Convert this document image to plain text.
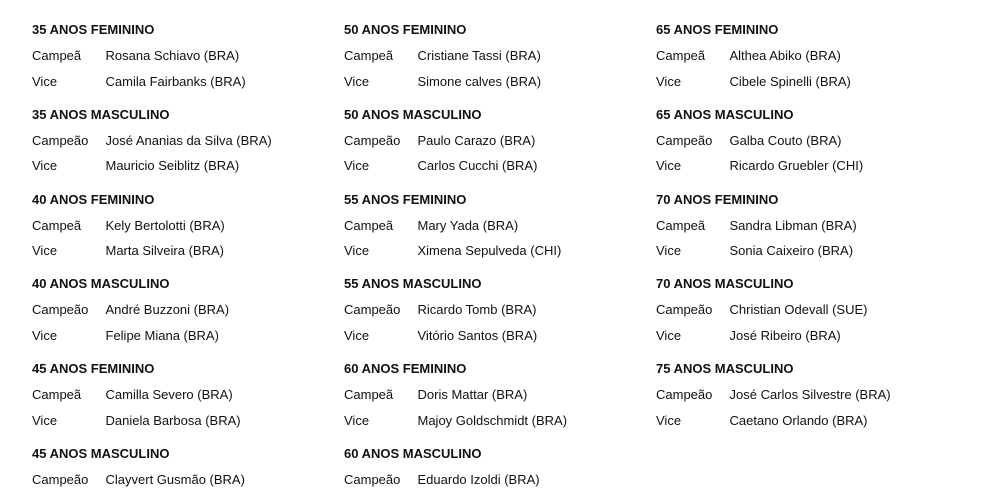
35 ANOS FEMININO
Campeã	Rosana Schiavo (BRA)
Vice	Camila Fairbanks (BRA)
35 ANOS MASCULINO
Campeão	José Ananias da Silva (BRA)
Vice	Mauricio Seiblitz (BRA)
40 ANOS FEMININO
Campeã	Kely Bertolotti (BRA)
Vice	Marta Silveira (BRA)
40 ANOS MASCULINO
Campeão	André Buzzoni (BRA)
Vice	Felipe Miana (BRA)
45 ANOS FEMININO
Campeã	Camilla Severo (BRA)
Vice	Daniela Barbosa (BRA)
45 ANOS MASCULINO
Campeão	Clayvert Gusmão (BRA)
50 ANOS FEMININO
Campeã	Cristiane Tassi (BRA)
Vice	Simone calves (BRA)
50 ANOS MASCULINO
Campeão	Paulo Carazo (BRA)
Vice	Carlos Cucchi (BRA)
55 ANOS FEMININO
Campeã	Mary Yada (BRA)
Vice	Ximena Sepulveda (CHI)
55 ANOS MASCULINO
Campeão	Ricardo Tomb (BRA)
Vice	Vitório Santos (BRA)
60 ANOS FEMININO
Campeã	Doris Mattar (BRA)
Vice	Majoy Goldschmidt (BRA)
60 ANOS MASCULINO
Campeão	Eduardo Izoldi (BRA)
65 ANOS FEMININO
Campeã	Althea Abiko (BRA)
Vice	Cibele Spinelli (BRA)
65 ANOS MASCULINO
Campeão	Galba Couto (BRA)
Vice	Ricardo Gruebler (CHI)
70 ANOS FEMININO
Campeã	Sandra Libman (BRA)
Vice	Sonia Caixeiro (BRA)
70 ANOS MASCULINO
Campeão	Christian Odevall (SUE)
Vice	José Ribeiro (BRA)
75 ANOS MASCULINO
Campeão	José Carlos Silvestre (BRA)
Vice	Caetano Orlando (BRA)
